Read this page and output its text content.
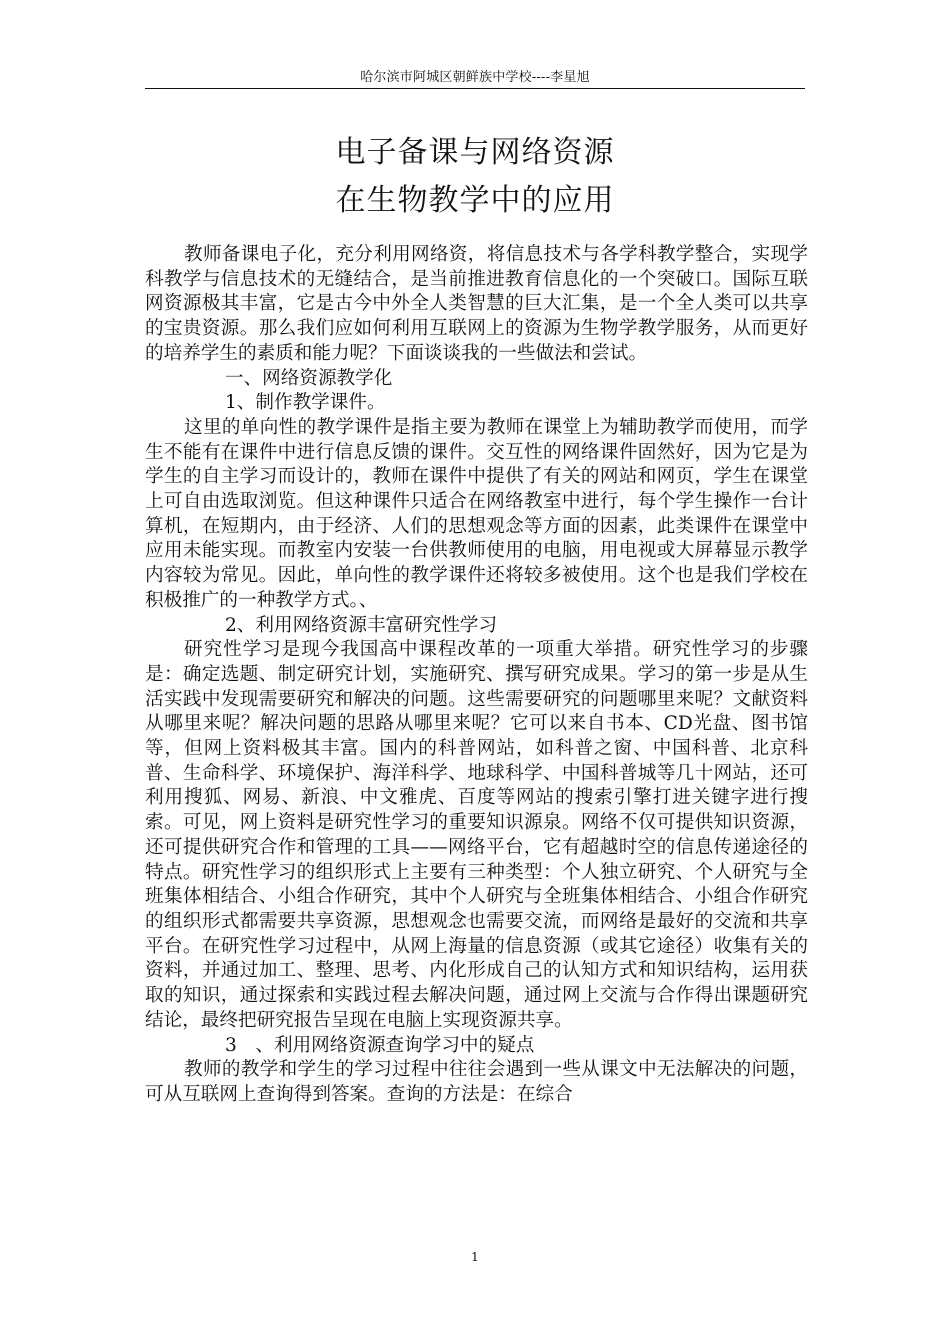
哈尔滨市阿城区朝鲜族中学校----李星旭
电子备课与网络资源
在生物教学中的应用

教师备课电子化，充分利用网络资，将信息技术与各学科教学整合，实现学科教学与信息技术的无缝结合，是当前推进教育信息化的一个突破口。国际互联网资源极其丰富，它是古今中外全人类智慧的巨大汇集，是一个全人类可以共享的宝贵资源。那么我们应如何利用互联网上的资源为生物学教学服务，从而更好的培养学生的素质和能力呢？下面谈谈我的一些做法和尝试。

一、网络资源教学化

1、制作教学课件。

这里的单向性的教学课件是指主要为教师在课堂上为辅助教学而使用，而学生不能有在课件中进行信息反馈的课件。交互性的网络课件固然好，因为它是为学生的自主学习而设计的，教师在课件中提供了有关的网站和网页，学生在课堂上可自由选取浏览。但这种课件只适合在网络教室中进行，每个学生操作一台计算机，在短期内，由于经济、人们的思想观念等方面的因素，此类课件在课堂中应用未能实现。而教室内安装一台供教师使用的电脑，用电视或大屏幕显示教学内容较为常见。因此，单向性的教学课件还将较多被使用。这个也是我们学校在积极推广的一种教学方式。、

2、利用网络资源丰富研究性学习

研究性学习是现今我国高中课程改革的一项重大举措。研究性学习的步骤是：确定选题、制定研究计划，实施研究、撰写研究成果。学习的第一步是从生活实践中发现需要研究和解决的问题。这些需要研究的问题哪里来呢？文献资料从哪里来呢？解决问题的思路从哪里来呢？它可以来自书本、CD光盘、图书馆等，但网上资料极其丰富。国内的科普网站，如科普之窗、中国科普、北京科普、生命科学、环境保护、海洋科学、地球科学、中国科普城等几十网站，还可利用搜狐、网易、新浪、中文雅虎、百度等网站的搜索引擎打进关键字进行搜索。可见，网上资料是研究性学习的重要知识源泉。网络不仅可提供知识资源，还可提供研究合作和管理的工具——网络平台，它有超越时空的信息传递途径的特点。研究性学习的组织形式上主要有三种类型：个人独立研究、个人研究与全班集体相结合、小组合作研究，其中个人研究与全班集体相结合、小组合作研究的组织形式都需要共享资源，思想观念也需要交流，而网络是最好的交流和共享平台。在研究性学习过程中，从网上海量的信息资源（或其它途径）收集有关的资料，并通过加工、整理、思考、内化形成自己的认知方式和知识结构，运用获取的知识，通过探索和实践过程去解决问题，通过网上交流与合作得出课题研究结论，最终把研究报告呈现在电脑上实现资源共享。

3　、利用网络资源查询学习中的疑点

教师的教学和学生的学习过程中往往会遇到一些从课文中无法解决的问题，可从互联网上查询得到答案。查询的方法是：在综合

1
